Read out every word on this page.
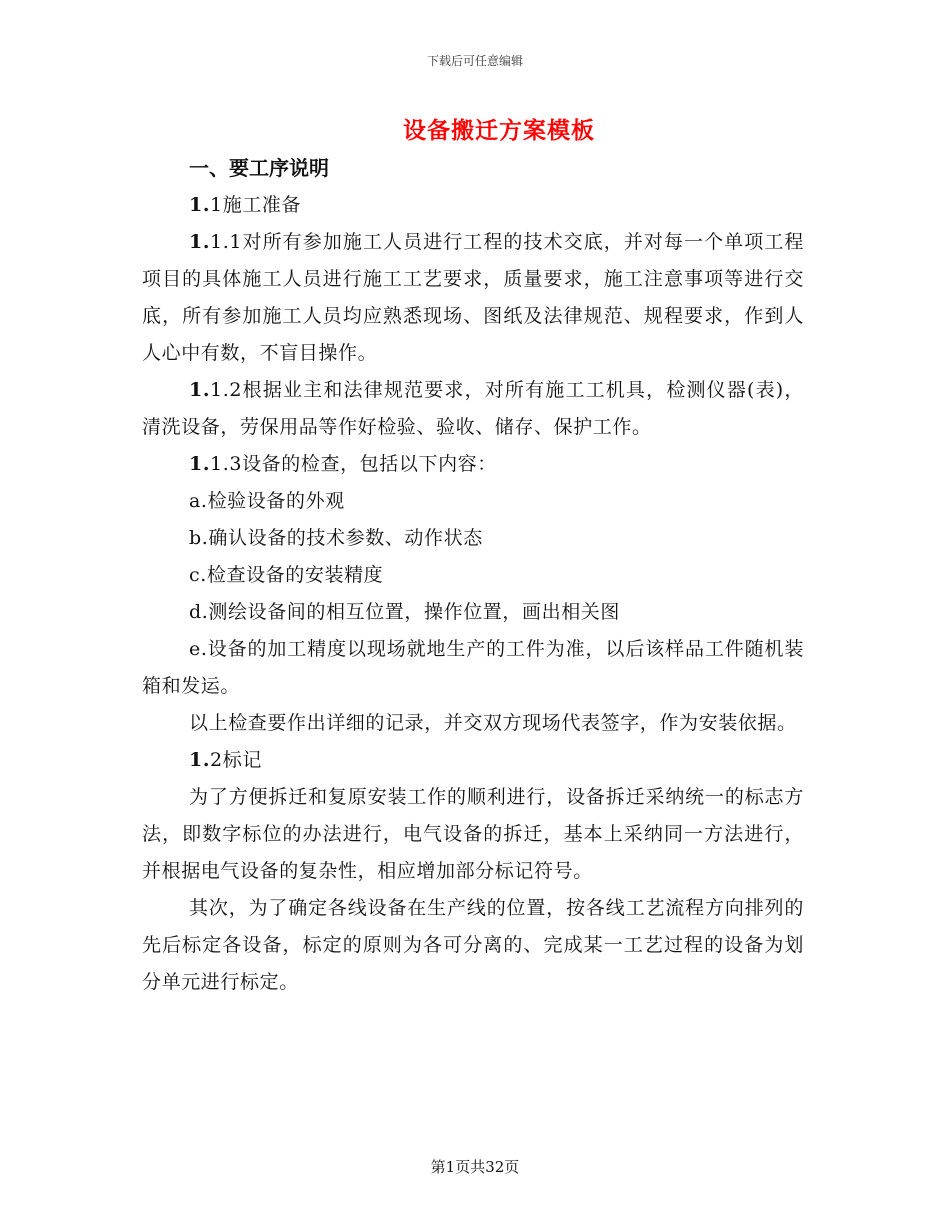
下载后可任意编辑
设备搬迁方案模板

一、要工序说明

1.1施工准备

1.1.1对所有参加施工人员进行工程的技术交底，并对每一个单项工程项目的具体施工人员进行施工工艺要求，质量要求，施工注意事项等进行交底，所有参加施工人员均应熟悉现场、图纸及法律规范、规程要求，作到人人心中有数，不盲目操作。

1.1.2根据业主和法律规范要求，对所有施工工机具，检测仪器(表)，清洗设备，劳保用品等作好检验、验收、储存、保护工作。

1.1.3设备的检查，包括以下内容：

a.检验设备的外观

b.确认设备的技术参数、动作状态

c.检查设备的安装精度

d.测绘设备间的相互位置，操作位置，画出相关图

e.设备的加工精度以现场就地生产的工件为准，以后该样品工件随机装箱和发运。

以上检查要作出详细的记录，并交双方现场代表签字，作为安装依据。

1.2标记

为了方便拆迁和复原安装工作的顺利进行，设备拆迁采纳统一的标志方法，即数字标位的办法进行，电气设备的拆迁，基本上采纳同一方法进行，并根据电气设备的复杂性，相应增加部分标记符号。

其次，为了确定各线设备在生产线的位置，按各线工艺流程方向排列的先后标定各设备，标定的原则为各可分离的、完成某一工艺过程的设备为划分单元进行标定。

第1页共32页
